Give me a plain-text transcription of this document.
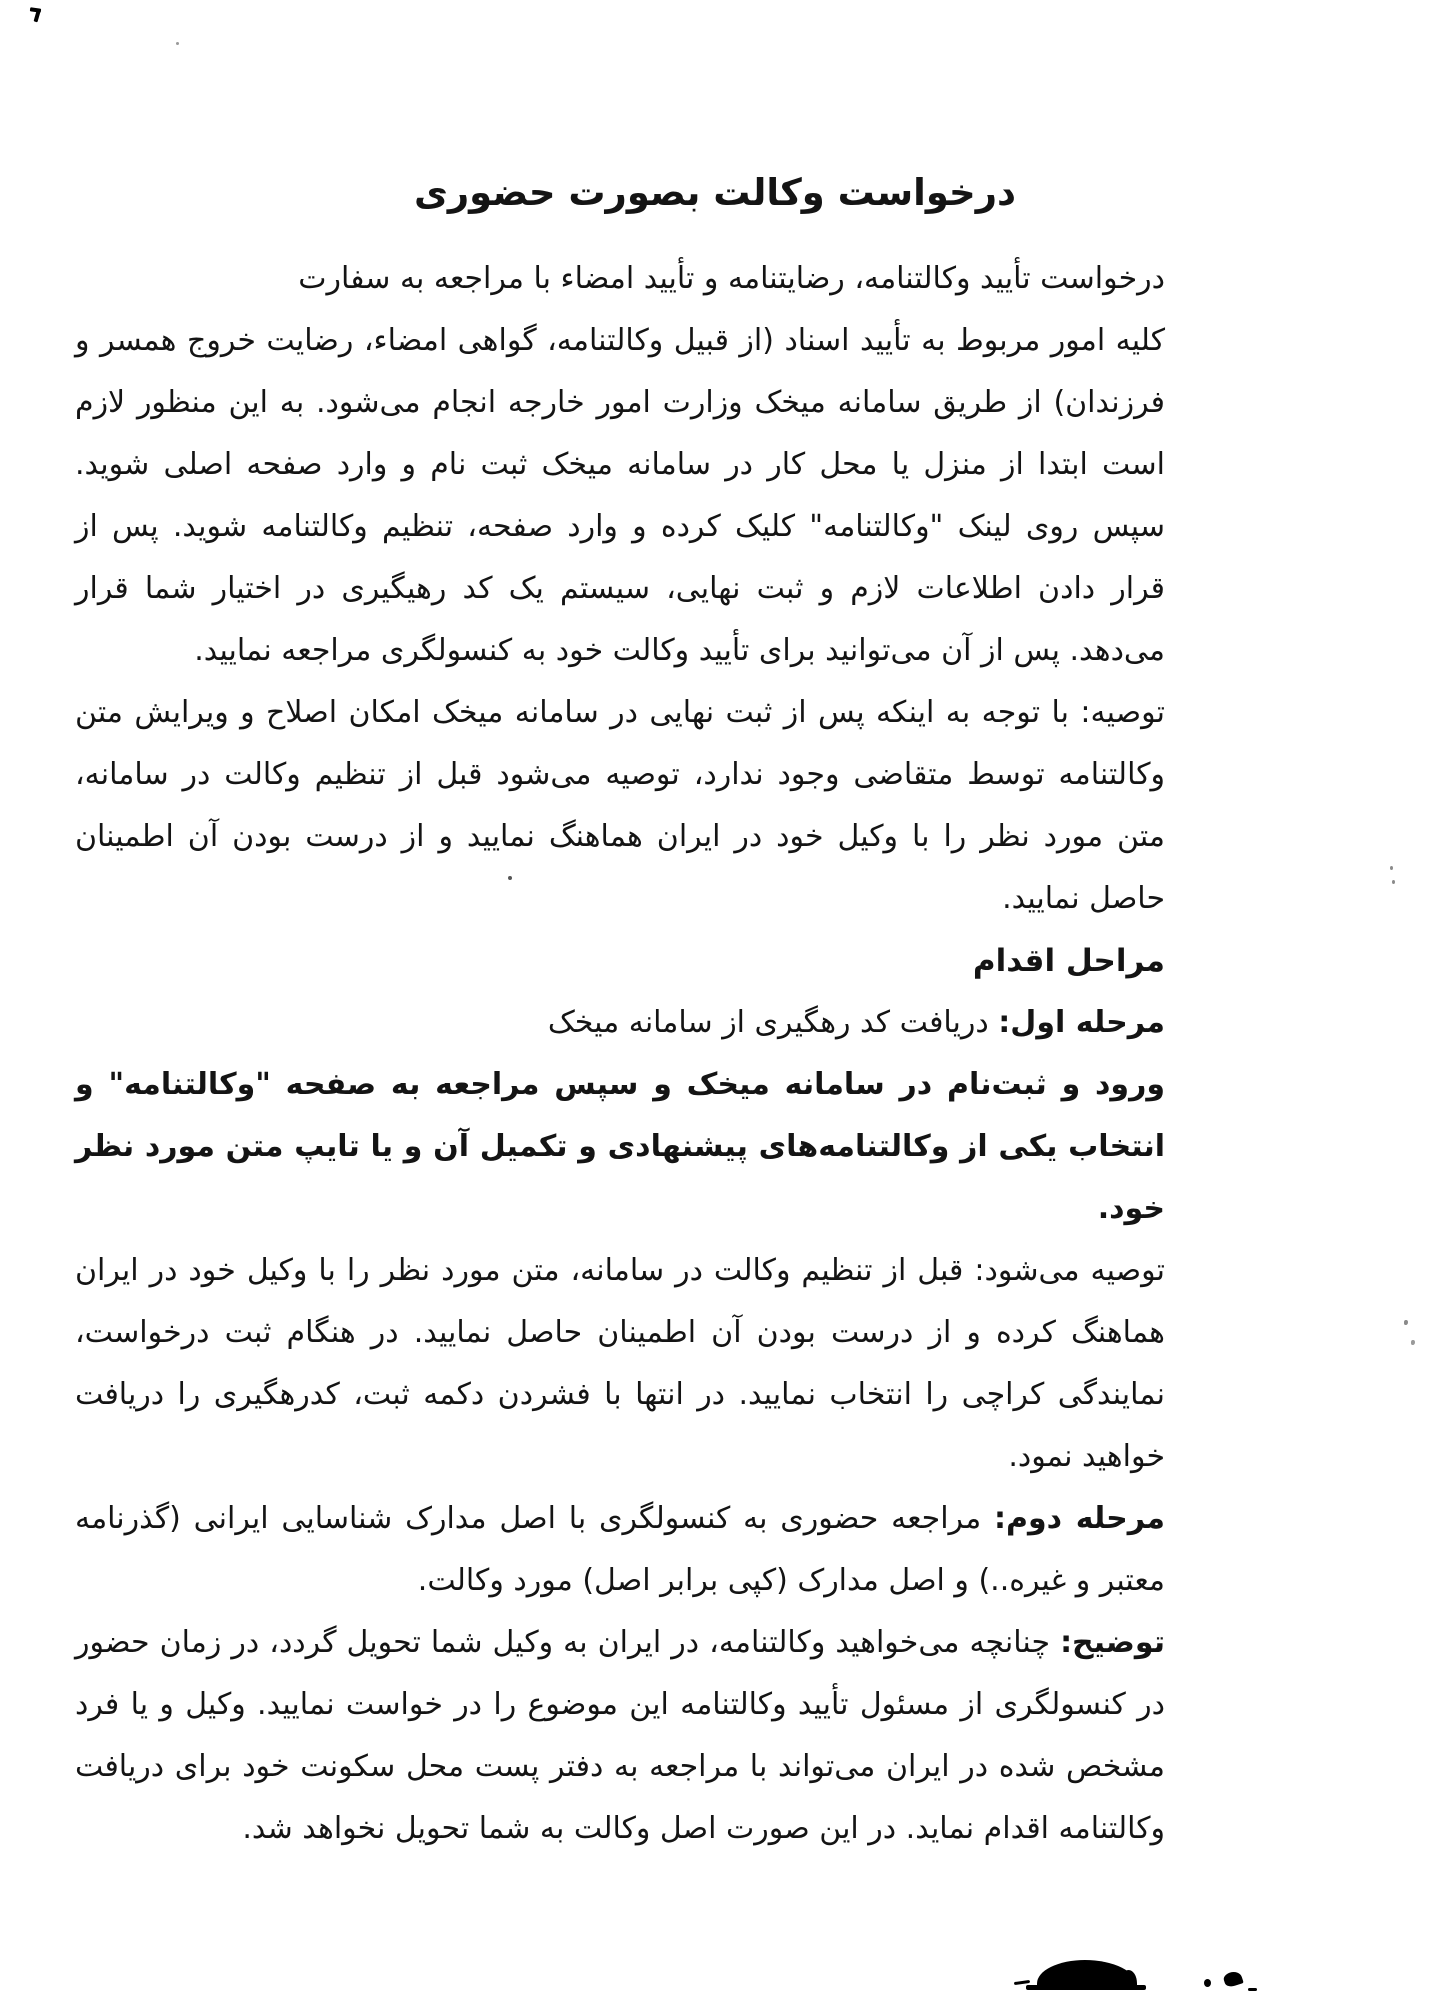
درخواست وکالت بصورت حضوری

درخواست تأیید وکالتنامه، رضایتنامه و تأیید امضاء با مراجعه به سفارت

کلیه امور مربوط به تأیید اسناد (از قبیل وکالتنامه، گواهی امضاء، رضایت خروج همسر و فرزندان) از طریق سامانه میخک وزارت امور خارجه انجام می‌شود. به این منظور لازم است ابتدا از منزل یا محل کار در سامانه میخک ثبت نام و وارد صفحه اصلی شوید. سپس روی لینک "وکالتنامه" کلیک کرده و وارد صفحه، تنظیم وکالتنامه شوید. پس از قرار دادن اطلاعات لازم و ثبت نهایی، سیستم یک کد رهیگیری در اختیار شما قرار می‌دهد. پس از آن می‌توانید برای تأیید وکالت خود به کنسولگری مراجعه نمایید.

توصیه: با توجه به اینکه پس از ثبت نهایی در سامانه میخک امکان اصلاح و ویرایش متن وکالتنامه توسط متقاضی وجود ندارد، توصیه می‌شود قبل از تنظیم وکالت در سامانه، متن مورد نظر را با وکیل خود در ایران هماهنگ نمایید و از درست بودن آن اطمینان حاصل نمایید.

مراحل اقدام

مرحله اول: دریافت کد رهگیری از سامانه میخک

ورود و ثبت‌نام در سامانه میخک و سپس مراجعه به صفحه "وکالتنامه" و انتخاب یکی از وکالتنامه‌های پیشنهادی و تکمیل آن و یا تایپ متن مورد نظر خود.

توصیه می‌شود: قبل از تنظیم وکالت در سامانه، متن مورد نظر را با وکیل خود در ایران هماهنگ کرده و از درست بودن آن اطمینان حاصل نمایید. در هنگام ثبت درخواست، نمایندگی کراچی را انتخاب نمایید. در انتها با فشردن دکمه ثبت، کدرهگیری را دریافت خواهید نمود.

مرحله دوم: مراجعه حضوری به کنسولگری با اصل مدارک شناسایی ایرانی (گذرنامه معتبر و غیره..) و اصل مدارک (کپی برابر اصل) مورد وکالت.

توضیح: چنانچه می‌خواهید وکالتنامه، در ایران به وکیل شما تحویل گردد، در زمان حضور در کنسولگری از مسئول تأیید وکالتنامه این موضوع را در خواست نمایید. وکیل و یا فرد مشخص شده در ایران می‌تواند با مراجعه به دفتر پست محل سکونت خود برای دریافت وکالتنامه اقدام نماید. در این صورت اصل وکالت به شما تحویل نخواهد شد.
